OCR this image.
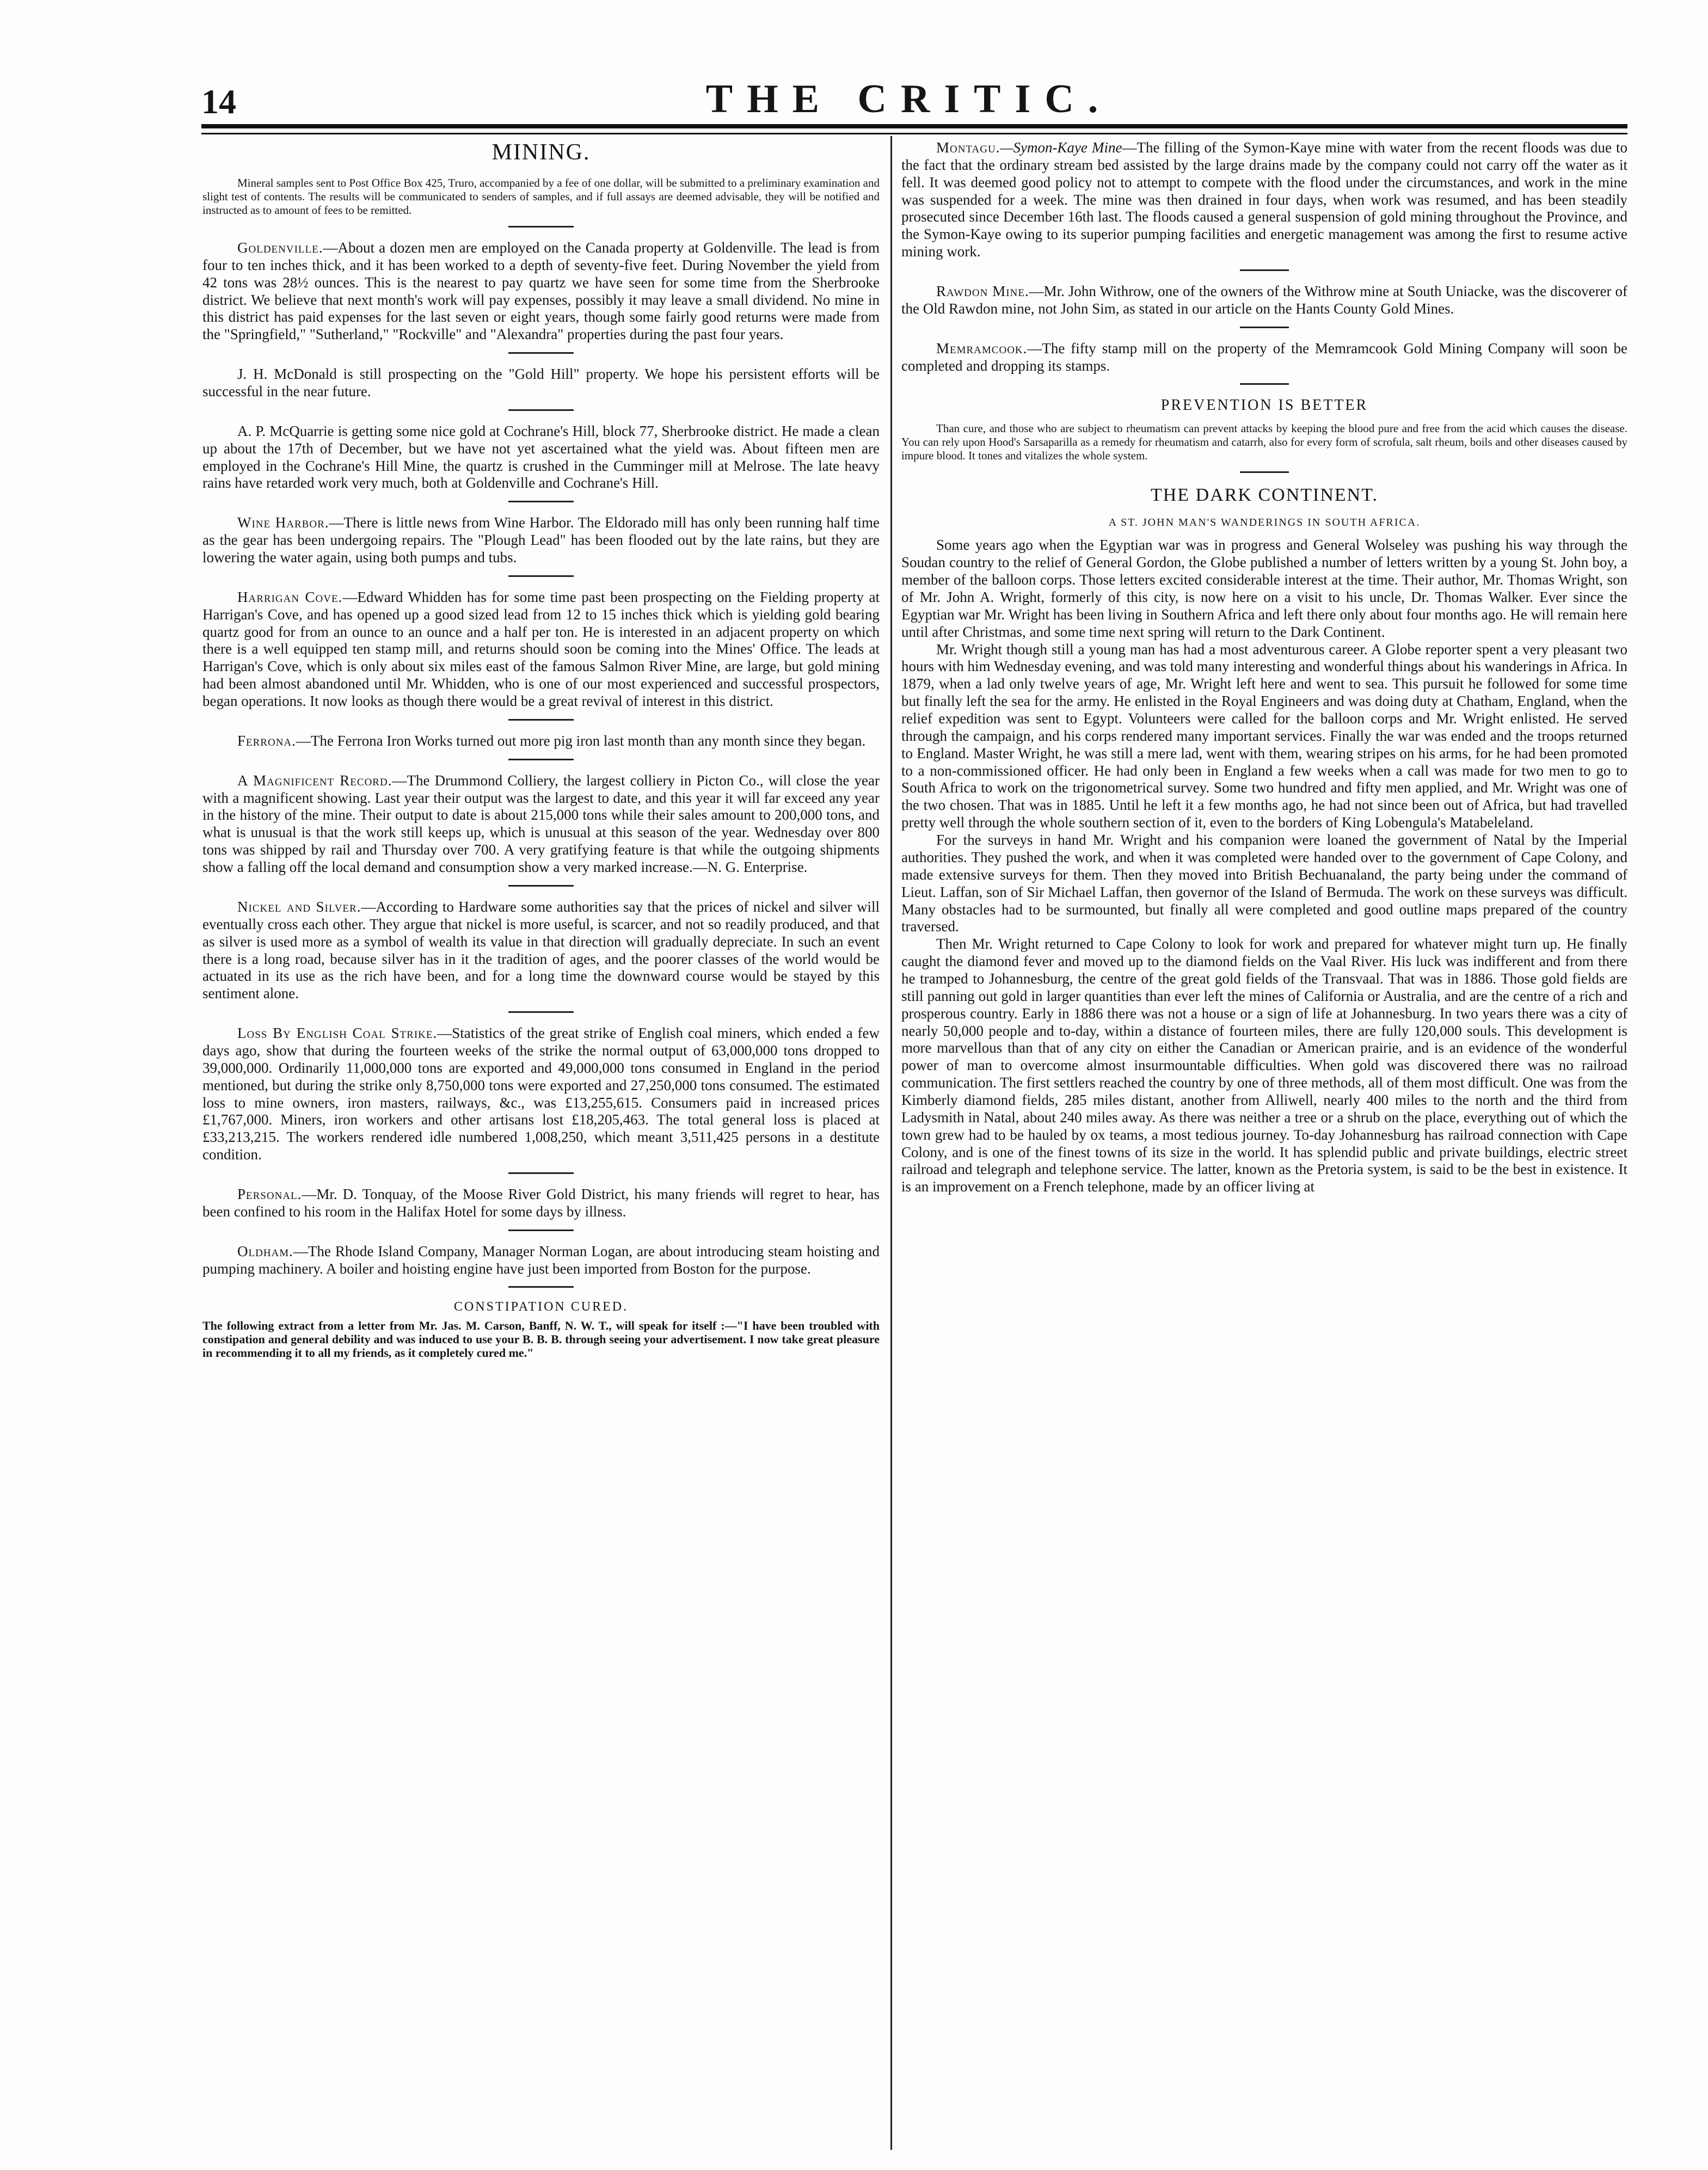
14	THE CRITIC.
MINING.

Mineral samples sent to Post Office Box 425, Truro, accompanied by a fee of one dollar, will be submitted to a preliminary examination and slight test of contents. The results will be communicated to senders of samples, and if full assays are deemed advisable, they will be notified and instructed as to amount of fees to be remitted.

Goldenville.—About a dozen men are employed on the Canada property at Goldenville. The lead is from four to ten inches thick, and it has been worked to a depth of seventy-five feet. During November the yield from 42 tons was 28½ ounces. This is the nearest to pay quartz we have seen for some time from the Sherbrooke district. We believe that next month's work will pay expenses, possibly it may leave a small dividend. No mine in this district has paid expenses for the last seven or eight years, though some fairly good returns were made from the "Springfield," "Sutherland," "Rockville" and "Alexandra" properties during the past four years.

J. H. McDonald is still prospecting on the "Gold Hill" property. We hope his persistent efforts will be successful in the near future.

A. P. McQuarrie is getting some nice gold at Cochrane's Hill, block 77, Sherbrooke district. He made a clean up about the 17th of December, but we have not yet ascertained what the yield was. About fifteen men are employed in the Cochrane's Hill Mine, the quartz is crushed in the Cumminger mill at Melrose. The late heavy rains have retarded work very much, both at Goldenville and Cochrane's Hill.

Wine Harbor.—There is little news from Wine Harbor. The Eldorado mill has only been running half time as the gear has been undergoing repairs. The "Plough Lead" has been flooded out by the late rains, but they are lowering the water again, using both pumps and tubs.

Harrigan Cove.—Edward Whidden has for some time past been prospecting on the Fielding property at Harrigan's Cove, and has opened up a good sized lead from 12 to 15 inches thick which is yielding gold bearing quartz good for from an ounce to an ounce and a half per ton. He is interested in an adjacent property on which there is a well equipped ten stamp mill, and returns should soon be coming into the Mines' Office. The leads at Harrigan's Cove, which is only about six miles east of the famous Salmon River Mine, are large, but gold mining had been almost abandoned until Mr. Whidden, who is one of our most experienced and successful prospectors, began operations. It now looks as though there would be a great revival of interest in this district.

Ferrona.—The Ferrona Iron Works turned out more pig iron last month than any month since they began.

A Magnificent Record.—The Drummond Colliery, the largest colliery in Picton Co., will close the year with a magnificent showing. Last year their output was the largest to date, and this year it will far exceed any year in the history of the mine. Their output to date is about 215,000 tons while their sales amount to 200,000 tons, and what is unusual is that the work still keeps up, which is unusual at this season of the year. Wednesday over 800 tons was shipped by rail and Thursday over 700. A very gratifying feature is that while the outgoing shipments show a falling off the local demand and consumption show a very marked increase.—N. G. Enterprise.

Nickel and Silver.—According to Hardware some authorities say that the prices of nickel and silver will eventually cross each other. They argue that nickel is more useful, is scarcer, and not so readily produced, and that as silver is used more as a symbol of wealth its value in that direction will gradually depreciate. In such an event there is a long road, because silver has in it the tradition of ages, and the poorer classes of the world would be actuated in its use as the rich have been, and for a long time the downward course would be stayed by this sentiment alone.

Loss By English Coal Strike.—Statistics of the great strike of English coal miners, which ended a few days ago, show that during the fourteen weeks of the strike the normal output of 63,000,000 tons dropped to 39,000,000. Ordinarily 11,000,000 tons are exported and 49,000,000 tons consumed in England in the period mentioned, but during the strike only 8,750,000 tons were exported and 27,250,000 tons consumed. The estimated loss to mine owners, iron masters, railways, &c., was £13,255,615. Consumers paid in increased prices £1,767,000. Miners, iron workers and other artisans lost £18,205,463. The total general loss is placed at £33,213,215. The workers rendered idle numbered 1,008,250, which meant 3,511,425 persons in a destitute condition.

Personal.—Mr. D. Tonquay, of the Moose River Gold District, his many friends will regret to hear, has been confined to his room in the Halifax Hotel for some days by illness.

Oldham.—The Rhode Island Company, Manager Norman Logan, are about introducing steam hoisting and pumping machinery. A boiler and hoisting engine have just been imported from Boston for the purpose.

CONSTIPATION CURED.

The following extract from a letter from Mr. Jas. M. Carson, Banff, N. W. T., will speak for itself :—"I have been troubled with constipation and general debility and was induced to use your B. B. B. through seeing your advertisement. I now take great pleasure in recommending it to all my friends, as it completely cured me."

Montagu.—Symon-Kaye Mine—The filling of the Symon-Kaye mine with water from the recent floods was due to the fact that the ordinary stream bed assisted by the large drains made by the company could not carry off the water as it fell. It was deemed good policy not to attempt to compete with the flood under the circumstances, and work in the mine was suspended for a week. The mine was then drained in four days, when work was resumed, and has been steadily prosecuted since December 16th last. The floods caused a general suspension of gold mining throughout the Province, and the Symon-Kaye owing to its superior pumping facilities and energetic management was among the first to resume active mining work.

Rawdon Mine.—Mr. John Withrow, one of the owners of the Withrow mine at South Uniacke, was the discoverer of the Old Rawdon mine, not John Sim, as stated in our article on the Hants County Gold Mines.

Memramcook.—The fifty stamp mill on the property of the Memramcook Gold Mining Company will soon be completed and dropping its stamps.

PREVENTION IS BETTER

Than cure, and those who are subject to rheumatism can prevent attacks by keeping the blood pure and free from the acid which causes the disease. You can rely upon Hood's Sarsaparilla as a remedy for rheumatism and catarrh, also for every form of scrofula, salt rheum, boils and other diseases caused by impure blood. It tones and vitalizes the whole system.

THE DARK CONTINENT.
A ST. JOHN MAN'S WANDERINGS IN SOUTH AFRICA.

Some years ago when the Egyptian war was in progress and General Wolseley was pushing his way through the Soudan country to the relief of General Gordon, the Globe published a number of letters written by a young St. John boy, a member of the balloon corps. Those letters excited considerable interest at the time. Their author, Mr. Thomas Wright, son of Mr. John A. Wright, formerly of this city, is now here on a visit to his uncle, Dr. Thomas Walker. Ever since the Egyptian war Mr. Wright has been living in Southern Africa and left there only about four months ago. He will remain here until after Christmas, and some time next spring will return to the Dark Continent.

Mr. Wright though still a young man has had a most adventurous career. A Globe reporter spent a very pleasant two hours with him Wednesday evening, and was told many interesting and wonderful things about his wanderings in Africa. In 1879, when a lad only twelve years of age, Mr. Wright left here and went to sea. This pursuit he followed for some time but finally left the sea for the army. He enlisted in the Royal Engineers and was doing duty at Chatham, England, when the relief expedition was sent to Egypt. Volunteers were called for the balloon corps and Mr. Wright enlisted. He served through the campaign, and his corps rendered many important services. Finally the war was ended and the troops returned to England. Master Wright, he was still a mere lad, went with them, wearing stripes on his arms, for he had been promoted to a non-commissioned officer. He had only been in England a few weeks when a call was made for two men to go to South Africa to work on the trigonometrical survey. Some two hundred and fifty men applied, and Mr. Wright was one of the two chosen. That was in 1885. Until he left it a few months ago, he had not since been out of Africa, but had travelled pretty well through the whole southern section of it, even to the borders of King Lobengula's Matabeleland.

For the surveys in hand Mr. Wright and his companion were loaned the government of Natal by the Imperial authorities. They pushed the work, and when it was completed were handed over to the government of Cape Colony, and made extensive surveys for them. Then they moved into British Bechuanaland, the party being under the command of Lieut. Laffan, son of Sir Michael Laffan, then governor of the Island of Bermuda. The work on these surveys was difficult. Many obstacles had to be surmounted, but finally all were completed and good outline maps prepared of the country traversed.

Then Mr. Wright returned to Cape Colony to look for work and prepared for whatever might turn up. He finally caught the diamond fever and moved up to the diamond fields on the Vaal River. His luck was indifferent and from there he tramped to Johannesburg, the centre of the great gold fields of the Transvaal. That was in 1886. Those gold fields are still panning out gold in larger quantities than ever left the mines of California or Australia, and are the centre of a rich and prosperous country. Early in 1886 there was not a house or a sign of life at Johannesburg. In two years there was a city of nearly 50,000 people and to-day, within a distance of fourteen miles, there are fully 120,000 souls. This development is more marvellous than that of any city on either the Canadian or American prairie, and is an evidence of the wonderful power of man to overcome almost insurmountable difficulties. When gold was discovered there was no railroad communication. The first settlers reached the country by one of three methods, all of them most difficult. One was from the Kimberly diamond fields, 285 miles distant, another from Alliwell, nearly 400 miles to the north and the third from Ladysmith in Natal, about 240 miles away. As there was neither a tree or a shrub on the place, everything out of which the town grew had to be hauled by ox teams, a most tedious journey. To-day Johannesburg has railroad connection with Cape Colony, and is one of the finest towns of its size in the world. It has splendid public and private buildings, electric street railroad and telegraph and telephone service. The latter, known as the Pretoria system, is said to be the best in existence. It is an improvement on a French telephone, made by an officer living at
